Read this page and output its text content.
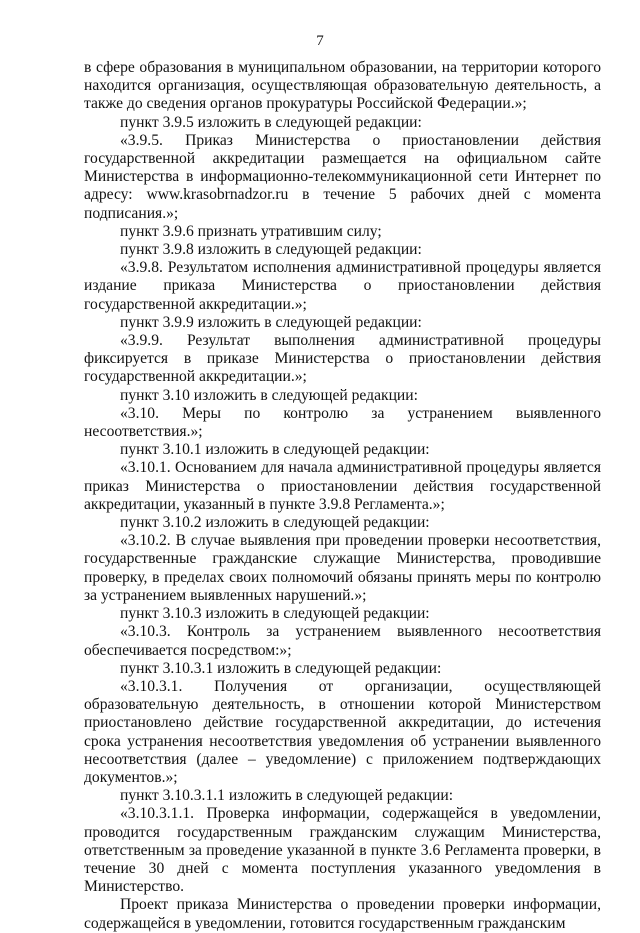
7

в сфере образования в муниципальном образовании, на территории которого находится организация, осуществляющая образовательную деятельность, а также до сведения органов прокуратуры Российской Федерации.»;

пункт 3.9.5 изложить в следующей редакции:

«3.9.5. Приказ Министерства о приостановлении действия государственной аккредитации размещается на официальном сайте Министерства в информационно-телекоммуникационной сети Интернет по адресу: www.krasobrnadzor.ru в течение 5 рабочих дней с момента подписания.»;

пункт 3.9.6 признать утратившим силу;

пункт 3.9.8 изложить в следующей редакции:

«3.9.8. Результатом исполнения административной процедуры является издание приказа Министерства о приостановлении действия государственной аккредитации.»;

пункт 3.9.9 изложить в следующей редакции:

«3.9.9. Результат выполнения административной процедуры фиксируется в приказе Министерства о приостановлении действия государственной аккредитации.»;

пункт 3.10 изложить в следующей редакции:

«3.10. Меры по контролю за устранением выявленного несоответствия.»;

пункт 3.10.1 изложить в следующей редакции:

«3.10.1. Основанием для начала административной процедуры является приказ Министерства о приостановлении действия государственной аккредитации, указанный в пункте 3.9.8 Регламента.»;

пункт 3.10.2 изложить в следующей редакции:

«3.10.2. В случае выявления при проведении проверки несоответствия, государственные гражданские служащие Министерства, проводившие проверку, в пределах своих полномочий обязаны принять меры по контролю за устранением выявленных нарушений.»;

пункт 3.10.3 изложить в следующей редакции:

«3.10.3. Контроль за устранением выявленного несоответствия обеспечивается посредством:»;

пункт 3.10.3.1 изложить в следующей редакции:

«3.10.3.1. Получения от организации, осуществляющей образовательную деятельность, в отношении которой Министерством приостановлено действие государственной аккредитации, до истечения срока устранения несоответствия уведомления об устранении выявленного несоответствия (далее – уведомление) с приложением подтверждающих документов.»;

пункт 3.10.3.1.1 изложить в следующей редакции:

«3.10.3.1.1. Проверка информации, содержащейся в уведомлении, проводится государственным гражданским служащим Министерства, ответственным за проведение указанной в пункте 3.6 Регламента проверки, в течение 30 дней с момента поступления указанного уведомления в Министерство.

Проект приказа Министерства о проведении проверки информации, содержащейся в уведомлении, готовится государственным гражданским
